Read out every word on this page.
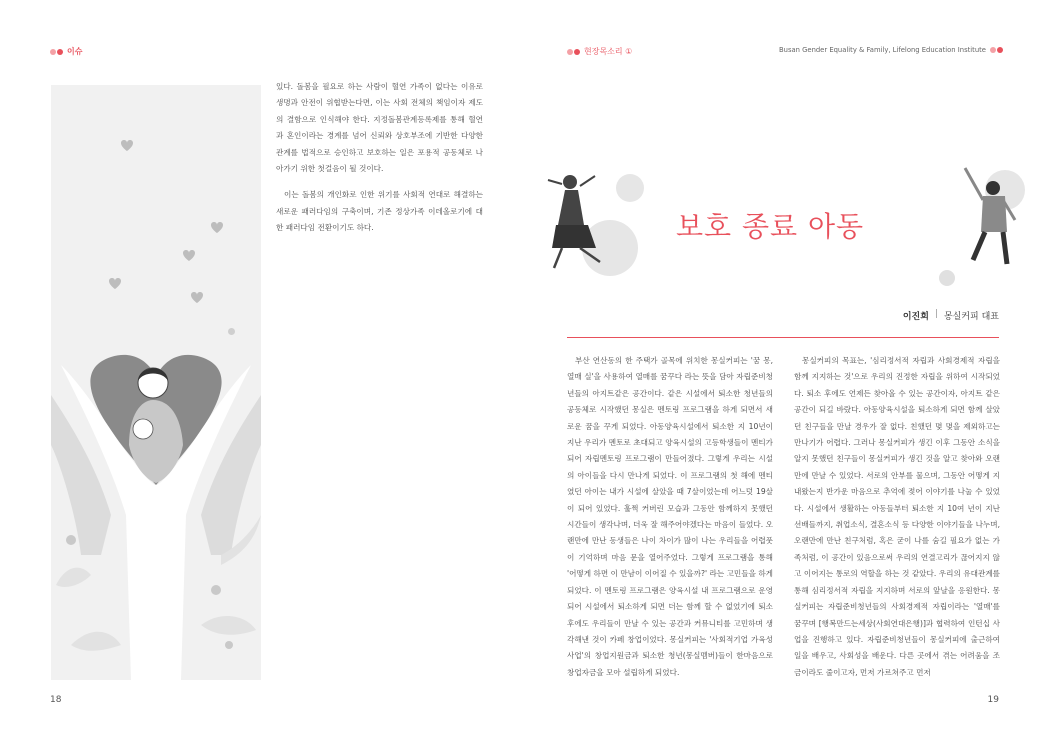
이슈

있다. 돌봄을 필요로 하는 사람이 혈연 가족이 없다는 이유로 생명과 안전이 위협받는다면, 이는 사회 전체의 책임이자 제도의 결함으로 인식해야 한다. 지정돌봄관계등록제를 통해 혈연과 혼인이라는 경계를 넘어 신뢰와 상호부조에 기반한 다양한 관계를 법적으로 승인하고 보호하는 일은 포용적 공동체로 나아가기 위한 첫걸음이 될 것이다.

이는 돌봄의 개인화로 인한 위기를 사회적 연대로 해결하는 새로운 패러다임의 구축이며, 기존 정상가족 이데올로기에 대한 패러다임 전환이기도 하다.

18
현장목소리 ①	Busan Gender Equality & Family, Lifelong Education Institute
보호 종료 아동
이진희 | 몽실커피 대표

부산 연산동의 한 주택가 골목에 위치한 몽실커피는 '꿈 몽, 열매 실'을 사용하여 열매를 꿈꾸다 라는 뜻을 담아 자립준비청년들의 아지트같은 공간이다. 같은 시설에서 퇴소한 청년들의 공동체로 시작했던 몽실은 멘토링 프로그램을 하게 되면서 새로운 꿈을 꾸게 되었다. 아동양육시설에서 퇴소한 지 10년이 지난 우리가 멘토로 초대되고 양육시설의 고등학생들이 멘티가 되어 자립멘토링 프로그램이 만들어졌다. 그렇게 우리는 시설의 아이들을 다시 만나게 되었다. 이 프로그램의 첫 해에 멘티였던 아이는 내가 시설에 살았을 때 7살이었는데 어느덧 19살이 되어 있었다. 훌쩍 커버린 모습과 그동안 함께하지 못했던 시간들이 생각나며, 더욱 잘 해주어야겠다는 마음이 들었다. 오랜만에 만난 동생들은 나이 차이가 많이 나는 우리들을 어렵풋이 기억하며 마음 문을 열어주었다. 그렇게 프로그램을 통해 '어떻게 하면 이 만남이 이어질 수 있을까?' 라는 고민들을 하게 되었다. 이 멘토링 프로그램은 양육시설 내 프로그램으로 운영되어 시설에서 퇴소하게 되면 더는 함께 할 수 없었기에 퇴소 후에도 우리들이 만날 수 있는 공간과 커뮤니티를 고민하며 생각해낸 것이 카페 창업이었다. 몽실커피는 '사회적기업 가육성사업'의 창업지원금과 퇴소한 청년(몽실멤버)들이 한마음으로 창업자금을 모아 설립하게 되었다.

몽실커피의 목표는, '심리정서적 자립과 사회경제적 자립을 함께 지지하는 것'으로 우리의 진정한 자립을 위하여 시작되었다. 퇴소 후에도 언제든 찾아올 수 있는 공간이자, 아지트 같은 공간이 되길 바랐다. 아동양육시설을 퇴소하게 되면 함께 살았던 친구들을 만날 경우가 잘 없다. 친했던 몇 몇을 제외하고는 만나기가 어렵다. 그러나 몽실커피가 생긴 이후 그동안 소식을 알지 못했던 친구들이 몽실커피가 생긴 것을 알고 찾아와 오랜만에 만날 수 있었다. 서로의 안부를 물으며, 그동안 어떻게 지내왔는지 반가운 마음으로 추억에 젖어 이야기를 나눌 수 있었다. 시설에서 생활하는 아동들부터 퇴소한 지 10여 년이 지난 선배들까지, 취업소식, 결혼소식 등 다양한 이야기들을 나누며, 오랜만에 만난 친구처럼, 혹은 굳이 나를 숨길 필요가 없는 가족처럼, 이 공간이 있음으로써 우리의 연결고리가 끊어지지 않고 이어지는 통로의 역할을 하는 것 같았다. 우리의 유대관계를 통해 심리정서적 자립을 지지하며 서로의 앞날을 응원한다. 몽실커피는 자립준비청년들의 사회경제적 자립이라는 '열매'를 꿈꾸며 [행복만드는세상(사회연대은행)]과 협력하여 인턴십 사업을 진행하고 있다. 자립준비청년들이 몽실커피에 출근하여 일을 배우고, 사회성을 배운다. 다른 곳에서 겪는 어려움을 조금이라도 줄이고자, 먼저 가르쳐주고 먼저

19
